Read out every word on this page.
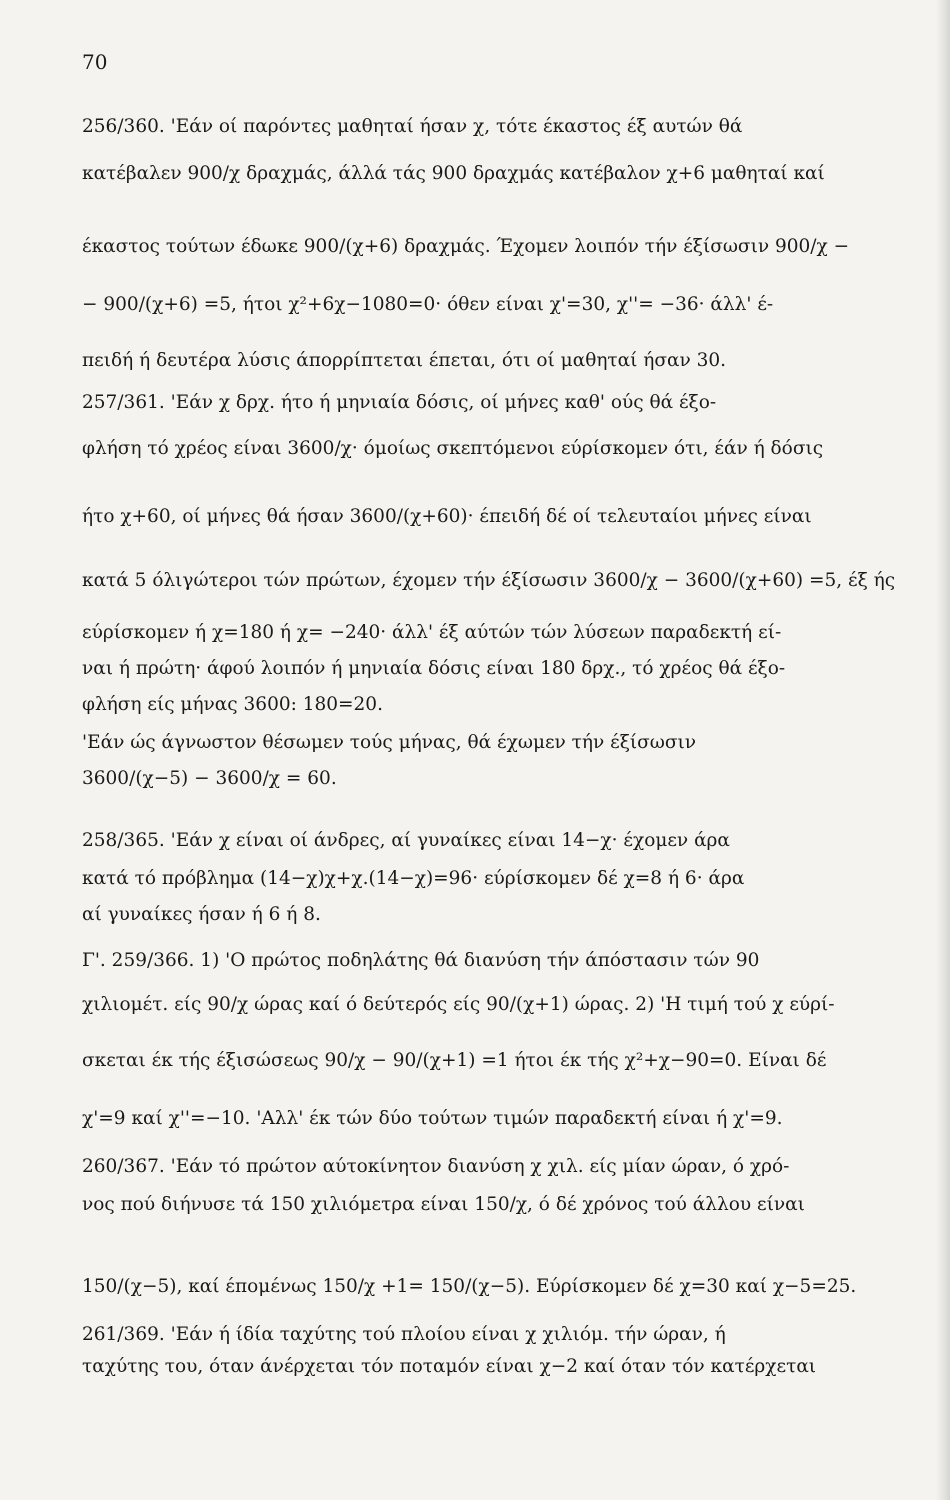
70
256/360. 'Εάν οί παρόντες μαθηταί ήσαν χ, τότε έκαστος έξ αυτών θά
κατέβαλεν 900/χ δραχμάς, άλλά τάς 900 δραχμάς κατέβαλον χ+6 μαθηταί καί
έκαστος τούτων έδωκε 900/(χ+6) δραχμάς. Έχομεν λοιπόν τήν έξίσωσιν 900/χ −
− 900/(χ+6) =5, ήτοι χ²+6χ−1080=0· όθεν είναι χ'=30, χ''= −36· άλλ' έ-
πειδή ή δευτέρα λύσις άπορρίπτεται έπεται, ότι οί μαθηταί ήσαν 30.
257/361. 'Εάν χ δρχ. ήτο ή μηνιαία δόσις, οί μήνες καθ' ούς θά έξο-
φλήση τό χρέος είναι 3600/χ· όμοίως σκεπτόμενοι εύρίσκομεν ότι, έάν ή δόσις
ήτο χ+60, οί μήνες θά ήσαν 3600/(χ+60)· έπειδή δέ οί τελευταίοι μήνες είναι
κατά 5 όλιγώτεροι τών πρώτων, έχομεν τήν έξίσωσιν 3600/χ − 3600/(χ+60) =5, έξ ής
εύρίσκομεν ή χ=180 ή χ= −240· άλλ' έξ αύτών τών λύσεων παραδεκτή εί-
ναι ή πρώτη· άφού λοιπόν ή μηνιαία δόσις είναι 180 δρχ., τό χρέος θά έξο-
φλήση είς μήνας 3600: 180=20.
'Εάν ώς άγνωστον θέσωμεν τούς μήνας, θά έχωμεν τήν έξίσωσιν
3600/(χ−5) − 3600/χ = 60.
258/365. 'Εάν χ είναι οί άνδρες, αί γυναίκες είναι 14−χ· έχομεν άρα
κατά τό πρόβλημα (14−χ)χ+χ.(14−χ)=96· εύρίσκομεν δέ χ=8 ή 6· άρα
αί γυναίκες ήσαν ή 6 ή 8.
Γ'. 259/366. 1) 'Ο πρώτος ποδηλάτης θά διανύση τήν άπόστασιν τών 90
χιλιομέτ. είς 90/χ ώρας καί ό δεύτερός είς 90/(χ+1) ώρας. 2) 'Η τιμή τού χ εύρί-
σκεται έκ τής έξισώσεως 90/χ − 90/(χ+1) =1 ήτοι έκ τής χ²+χ−90=0. Είναι δέ
χ'=9 καί χ''=−10. 'Αλλ' έκ τών δύο τούτων τιμών παραδεκτή είναι ή χ'=9.
260/367. 'Εάν τό πρώτον αύτοκίνητον διανύση χ χιλ. είς μίαν ώραν, ό χρό-
νος πού διήνυσε τά 150 χιλιόμετρα είναι 150/χ, ό δέ χρόνος τού άλλου είναι
150/(χ−5), καί έπομένως 150/χ +1= 150/(χ−5). Εύρίσκομεν δέ χ=30 καί χ−5=25.
261/369. 'Εάν ή ίδία ταχύτης τού πλοίου είναι χ χιλιόμ. τήν ώραν, ή
ταχύτης του, όταν άνέρχεται τόν ποταμόν είναι χ−2 καί όταν τόν κατέρχεται
